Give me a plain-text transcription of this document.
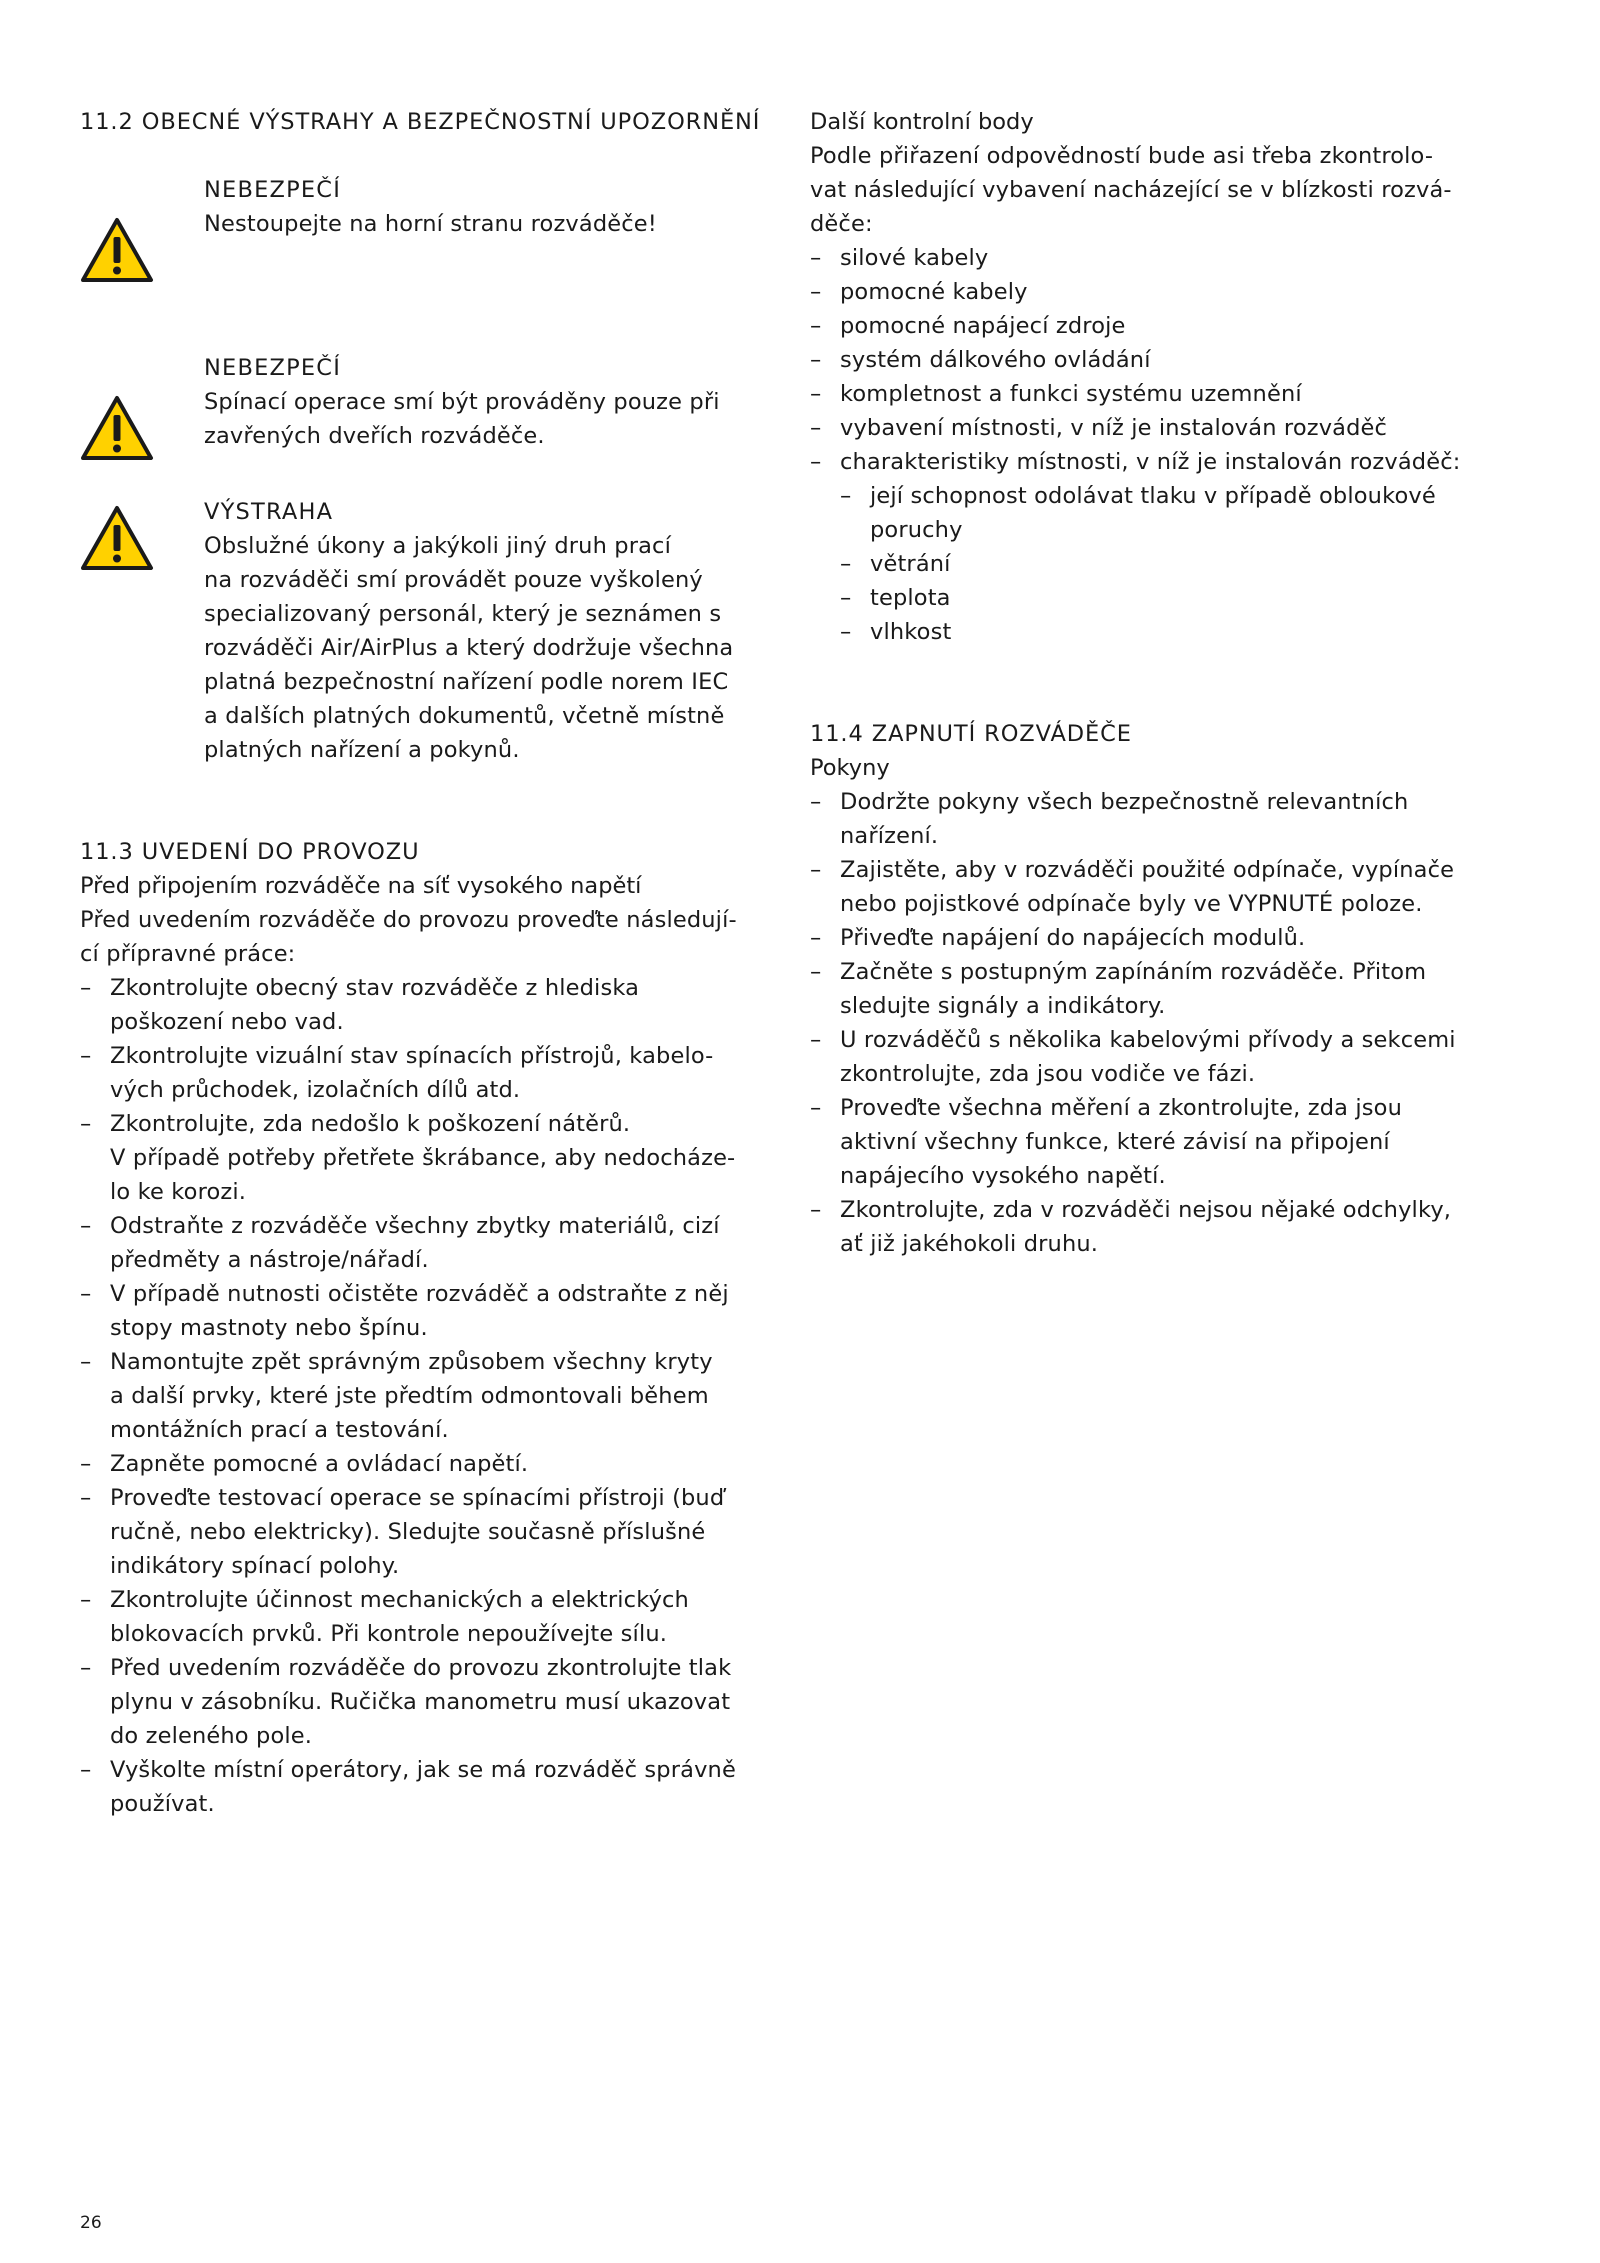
11.2 OBECNÉ VÝSTRAHY A BEZPEČNOSTNÍ UPOZORNĚNÍ

NEBEZPEČÍ

Nestoupejte na horní stranu rozváděče!

NEBEZPEČÍ

Spínací operace smí být prováděny pouze při

zavřených dveřích rozváděče.

VÝSTRAHA

Obslužné úkony a jakýkoli jiný druh prací

na rozváděči smí provádět pouze vyškolený

specializovaný personál, který je seznámen s

rozváděči Air/AirPlus a který dodržuje všechna

platná bezpečnostní nařízení podle norem IEC

a dalších platných dokumentů, včetně místně

platných nařízení a pokynů.

11.3 UVEDENÍ DO PROVOZU

Před připojením rozváděče na síť vysokého napětí

Před uvedením rozváděče do provozu proveďte následují-

cí přípravné práce:

– Zkontrolujte obecný stav rozváděče z hlediska
poškození nebo vad.
– Zkontrolujte vizuální stav spínacích přístrojů, kabelo-
vých průchodek, izolačních dílů atd.
– Zkontrolujte, zda nedošlo k poškození nátěrů.
V případě potřeby přetřete škrábance, aby nedocháze-
lo ke korozi.
– Odstraňte z rozváděče všechny zbytky materiálů, cizí
předměty a nástroje/nářadí.
– V případě nutnosti očistěte rozváděč a odstraňte z něj
stopy mastnoty nebo špínu.
– Namontujte zpět správným způsobem všechny kryty
a další prvky, které jste předtím odmontovali během
montážních prací a testování.
– Zapněte pomocné a ovládací napětí.
– Proveďte testovací operace se spínacími přístroji (buď
ručně, nebo elektricky). Sledujte současně příslušné
indikátory spínací polohy.
– Zkontrolujte účinnost mechanických a elektrických
blokovacích prvků. Při kontrole nepoužívejte sílu.
– Před uvedením rozváděče do provozu zkontrolujte tlak
plynu v zásobníku. Ručička manometru musí ukazovat
do zeleného pole.
– Vyškolte místní operátory, jak se má rozváděč správně
používat.

Další kontrolní body

Podle přiřazení odpovědností bude asi třeba zkontrolo-

vat následující vybavení nacházející se v blízkosti rozvá-

děče:

– silové kabely
– pomocné kabely
– pomocné napájecí zdroje
– systém dálkového ovládání
– kompletnost a funkci systému uzemnění
– vybavení místnosti, v níž je instalován rozváděč
– charakteristiky místnosti, v níž je instalován rozváděč:
– její schopnost odolávat tlaku v případě obloukové
poruchy
– větrání
– teplota
– vlhkost

11.4 ZAPNUTÍ ROZVÁDĚČE

Pokyny

– Dodržte pokyny všech bezpečnostně relevantních
nařízení.
– Zajistěte, aby v rozváděči použité odpínače, vypínače
nebo pojistkové odpínače byly ve VYPNUTÉ poloze.
– Přiveďte napájení do napájecích modulů.
– Začněte s postupným zapínáním rozváděče. Přitom
sledujte signály a indikátory.
– U rozváděčů s několika kabelovými přívody a sekcemi
zkontrolujte, zda jsou vodiče ve fázi.
– Proveďte všechna měření a zkontrolujte, zda jsou
aktivní všechny funkce, které závisí na připojení
napájecího vysokého napětí.
– Zkontrolujte, zda v rozváděči nejsou nějaké odchylky,
ať již jakéhokoli druhu.
26
